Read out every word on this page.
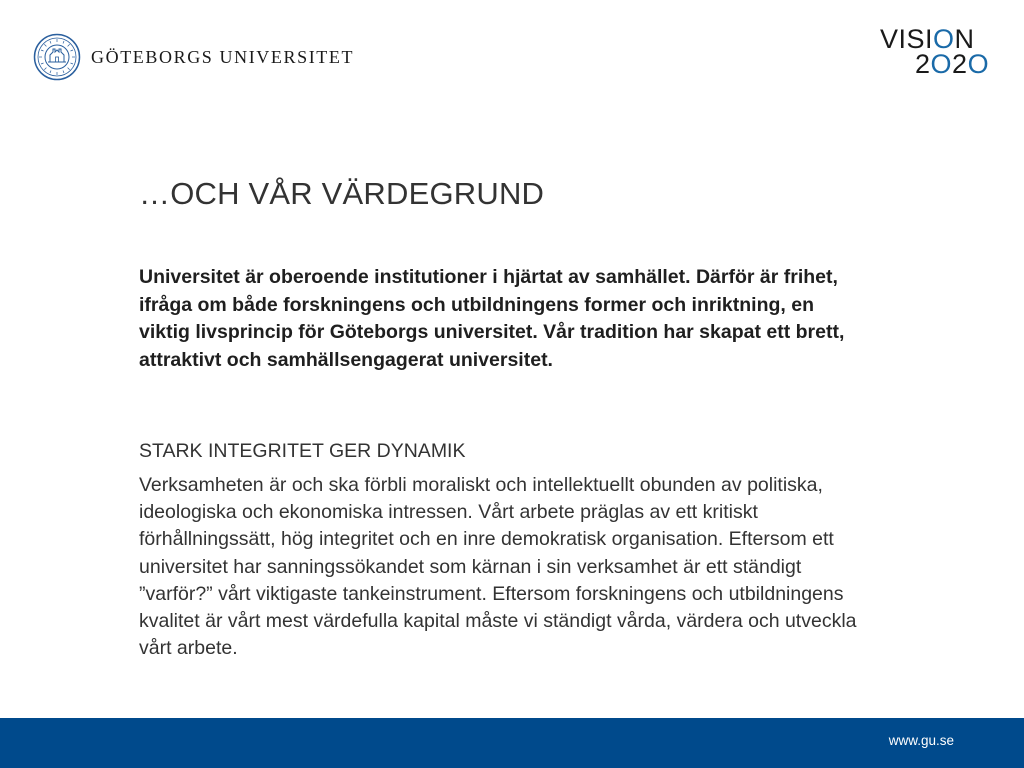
GÖTEBORGS UNIVERSITET
VISION
2O2O
…OCH VÅR VÄRDEGRUND

Universitet är oberoende institutioner i hjärtat av samhället. Därför är frihet, ifråga om både forskningens och utbildningens former och inriktning, en viktig livsprincip för Göteborgs universitet. Vår tradition har skapat ett brett, attraktivt och samhällsengagerat universitet.

STARK INTEGRITET GER DYNAMIK

Verksamheten är och ska förbli moraliskt och intellektuellt obunden av politiska, ideologiska och ekonomiska intressen. Vårt arbete präglas av ett kritiskt förhållningssätt, hög integritet och en inre demokratisk organisation. Eftersom ett universitet har sanningssökandet som kärnan i sin verksamhet är ett ständigt ”varför?” vårt viktigaste tankeinstrument. Eftersom forskningens och utbildningens kvalitet är vårt mest värdefulla kapital måste vi ständigt vårda, värdera och utveckla vårt arbete.

www.gu.se
